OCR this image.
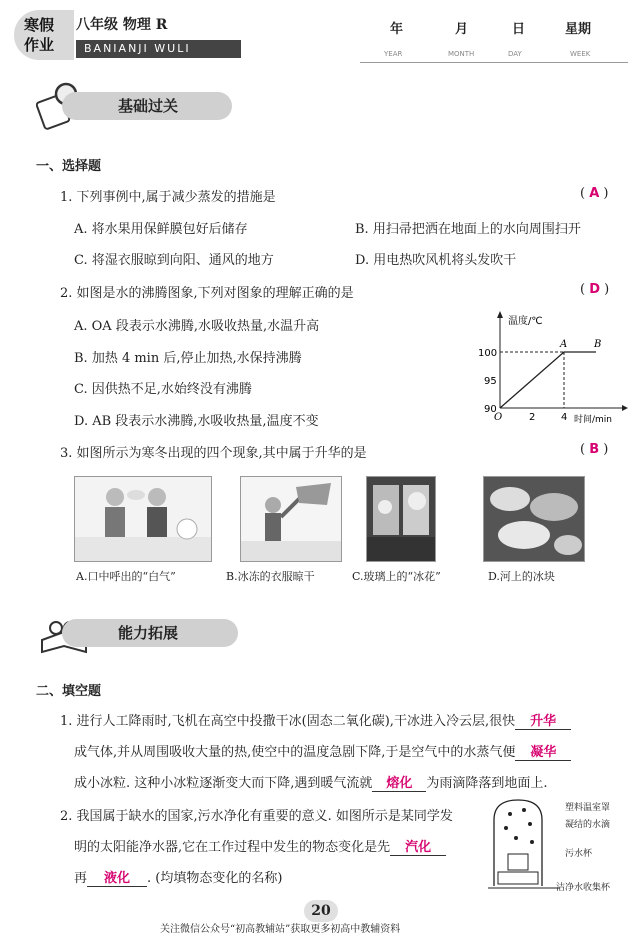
寒假
作业
八年级 物理 R
BANIANJI WULI
年	月	日	星期
YEAR	MONTH	DAY	WEEK
基础过关
一、选择题
1. 下列事例中,属于减少蒸发的措施是	( A )
A. 将水果用保鲜膜包好后储存	B. 用扫帚把洒在地面上的水向周围扫开
C. 将湿衣服晾到向阳、通风的地方	D. 用电热吹风机将头发吹干
2. 如图是水的沸腾图象,下列对图象的理解正确的是	( D )
A. OA 段表示水沸腾,水吸收热量,水温升高
B. 加热 4 min 后,停止加热,水保持沸腾
C. 因供热不足,水始终没有沸腾
D. AB 段表示水沸腾,水吸收热量,温度不变
温度/℃
时间/min
O	2	4
90
95
100
A	B
3. 如图所示为寒冬出现的四个现象,其中属于升华的是	( B )
A.口中呼出的“白气”	B.冰冻的衣服晾干	C.玻璃上的“冰花”	D.河上的冰块
能力拓展
二、填空题
1. 进行人工降雨时,飞机在高空中投撒干冰(固态二氧化碳),干冰进入冷云层,很快 升华
成气体,并从周围吸收大量的热,使空中的温度急剧下降,于是空气中的水蒸气便 凝华
成小冰粒. 这种小冰粒逐渐变大而下降,遇到暖气流就 熔化 为雨滴降落到地面上.
2. 我国属于缺水的国家,污水净化有重要的意义. 如图所示是某同学发
明的太阳能净水器,它在工作过程中发生的物态变化是先 汽化
再 液化 . (均填物态变化的名称)
塑料温室罩
凝结的水滴
污水杯
洁净水收集杯
20
关注微信公众号“初高教辅站”获取更多初高中教辅资料
